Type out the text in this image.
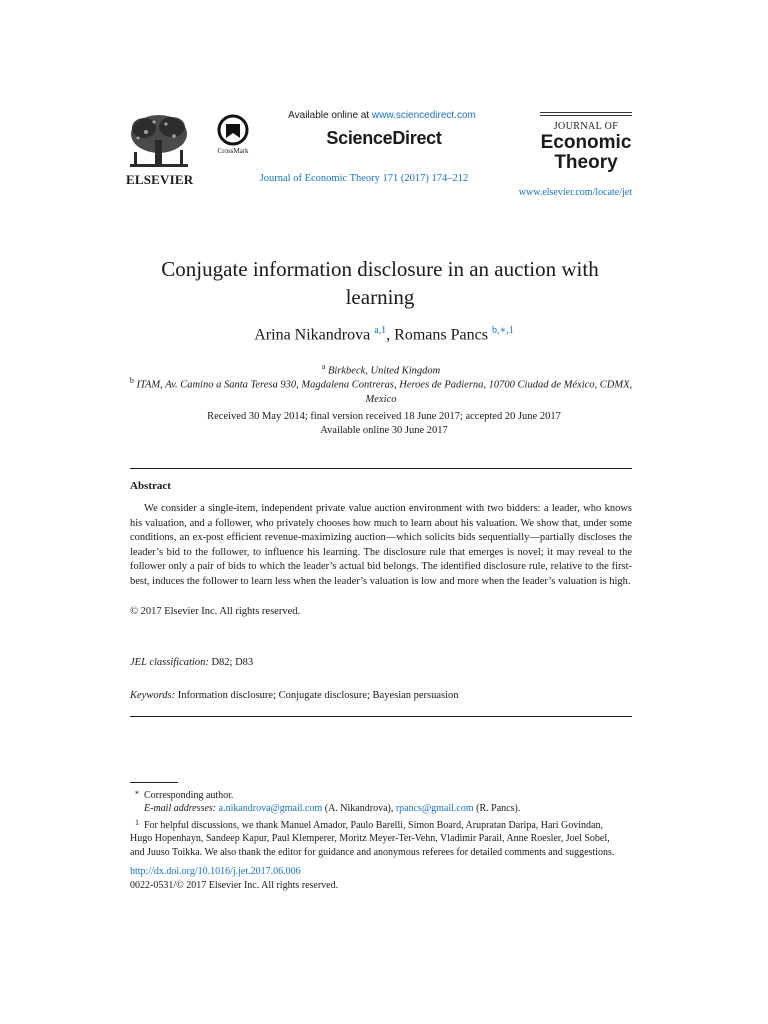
ELSEVIER
CrossMark
Available online at www.sciencedirect.com
ScienceDirect
Journal of Economic Theory 171 (2017) 174–212
JOURNAL OF
Economic
Theory
www.elsevier.com/locate/jet
Conjugate information disclosure in an auction with
learning
Arina Nikandrova $^{a,1}$, Romans Pancs $^{b,∗,1}$
$^a$ Birkbeck, United Kingdom
$^b$ ITAM, Av. Camino a Santa Teresa 930, Magdalena Contreras, Heroes de Padierna, 10700 Ciudad de México, CDMX,
Mexico
Received 30 May 2014; final version received 18 June 2017; accepted 20 June 2017
Available online 30 June 2017
Abstract

We consider a single-item, independent private value auction environment with two bidders: a leader, who knows his valuation, and a follower, who privately chooses how much to learn about his valuation. We show that, under some conditions, an ex-post efficient revenue-maximizing auction—which solicits bids sequentially—partially discloses the leader’s bid to the follower, to influence his learning. The disclosure rule that emerges is novel; it may reveal to the follower only a pair of bids to which the leader’s actual bid belongs. The identified disclosure rule, relative to the first-best, induces the follower to learn less when the leader’s valuation is low and more when the leader’s valuation is high.

© 2017 Elsevier Inc. All rights reserved.
JEL classification: D82; D83
Keywords: Information disclosure; Conjugate disclosure; Bayesian persuasion

∗ Corresponding author.

E-mail addresses: a.nikandrova@gmail.com (A. Nikandrova), rpancs@gmail.com (R. Pancs).

1 For helpful discussions, we thank Manuel Amador, Paulo Barelli, Simon Board, Arupratan Daripa, Hari Govindan,

Hugo Hopenhayn, Sandeep Kapur, Paul Klemperer, Moritz Meyer-Ter-Vehn, Vladimir Parail, Anne Roesler, Joel Sobel,

and Juuso Toikka. We also thank the editor for guidance and anonymous referees for detailed comments and suggestions.

http://dx.doi.org/10.1016/j.jet.2017.06.006
0022-0531/© 2017 Elsevier Inc. All rights reserved.
